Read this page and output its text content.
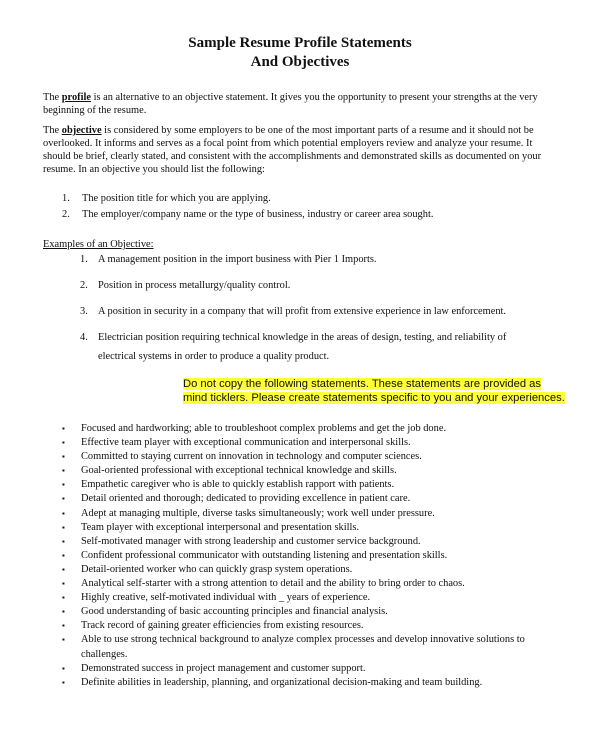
Sample Resume Profile Statements
And Objectives
The profile is an alternative to an objective statement. It gives you the opportunity to present your strengths at the very beginning of the resume.
The objective is considered by some employers to be one of the most important parts of a resume and it should not be overlooked. It informs and serves as a focal point from which potential employers review and analyze your resume. It should be brief, clearly stated, and consistent with the accomplishments and demonstrated skills as documented on your resume. In an objective you should list the following:
1.	The position title for which you are applying.
2.	The employer/company name or the type of business, industry or career area sought.
Examples of an Objective:
1. A management position in the import business with Pier 1 Imports.
2. Position in process metallurgy/quality control.
3. A position in security in a company that will profit from extensive experience in law enforcement.
4. Electrician position requiring technical knowledge in the areas of design, testing, and reliability of electrical systems in order to produce a quality product.
Do not copy the following statements. These statements are provided as
mind ticklers. Please create statements specific to you and your experiences.
▪	Focused and hardworking; able to troubleshoot complex problems and get the job done.
▪	Effective team player with exceptional communication and interpersonal skills.
▪	Committed to staying current on innovation in technology and computer sciences.
▪	Goal-oriented professional with exceptional technical knowledge and skills.
▪	Empathetic caregiver who is able to quickly establish rapport with patients.
▪	Detail oriented and thorough; dedicated to providing excellence in patient care.
▪	Adept at managing multiple, diverse tasks simultaneously; work well under pressure.
▪	Team player with exceptional interpersonal and presentation skills.
▪	Self-motivated manager with strong leadership and customer service background.
▪	Confident professional communicator with outstanding listening and presentation skills.
▪	Detail-oriented worker who can quickly grasp system operations.
▪	Analytical self-starter with a strong attention to detail and the ability to bring order to chaos.
▪	Highly creative, self-motivated individual with _ years of experience.
▪	Good understanding of basic accounting principles and financial analysis.
▪	Track record of gaining greater efficiencies from existing resources.
▪	Able to use strong technical background to analyze complex processes and develop innovative solutions to challenges.
▪	Demonstrated success in project management and customer support.
▪	Definite abilities in leadership, planning, and organizational decision-making and team building.
